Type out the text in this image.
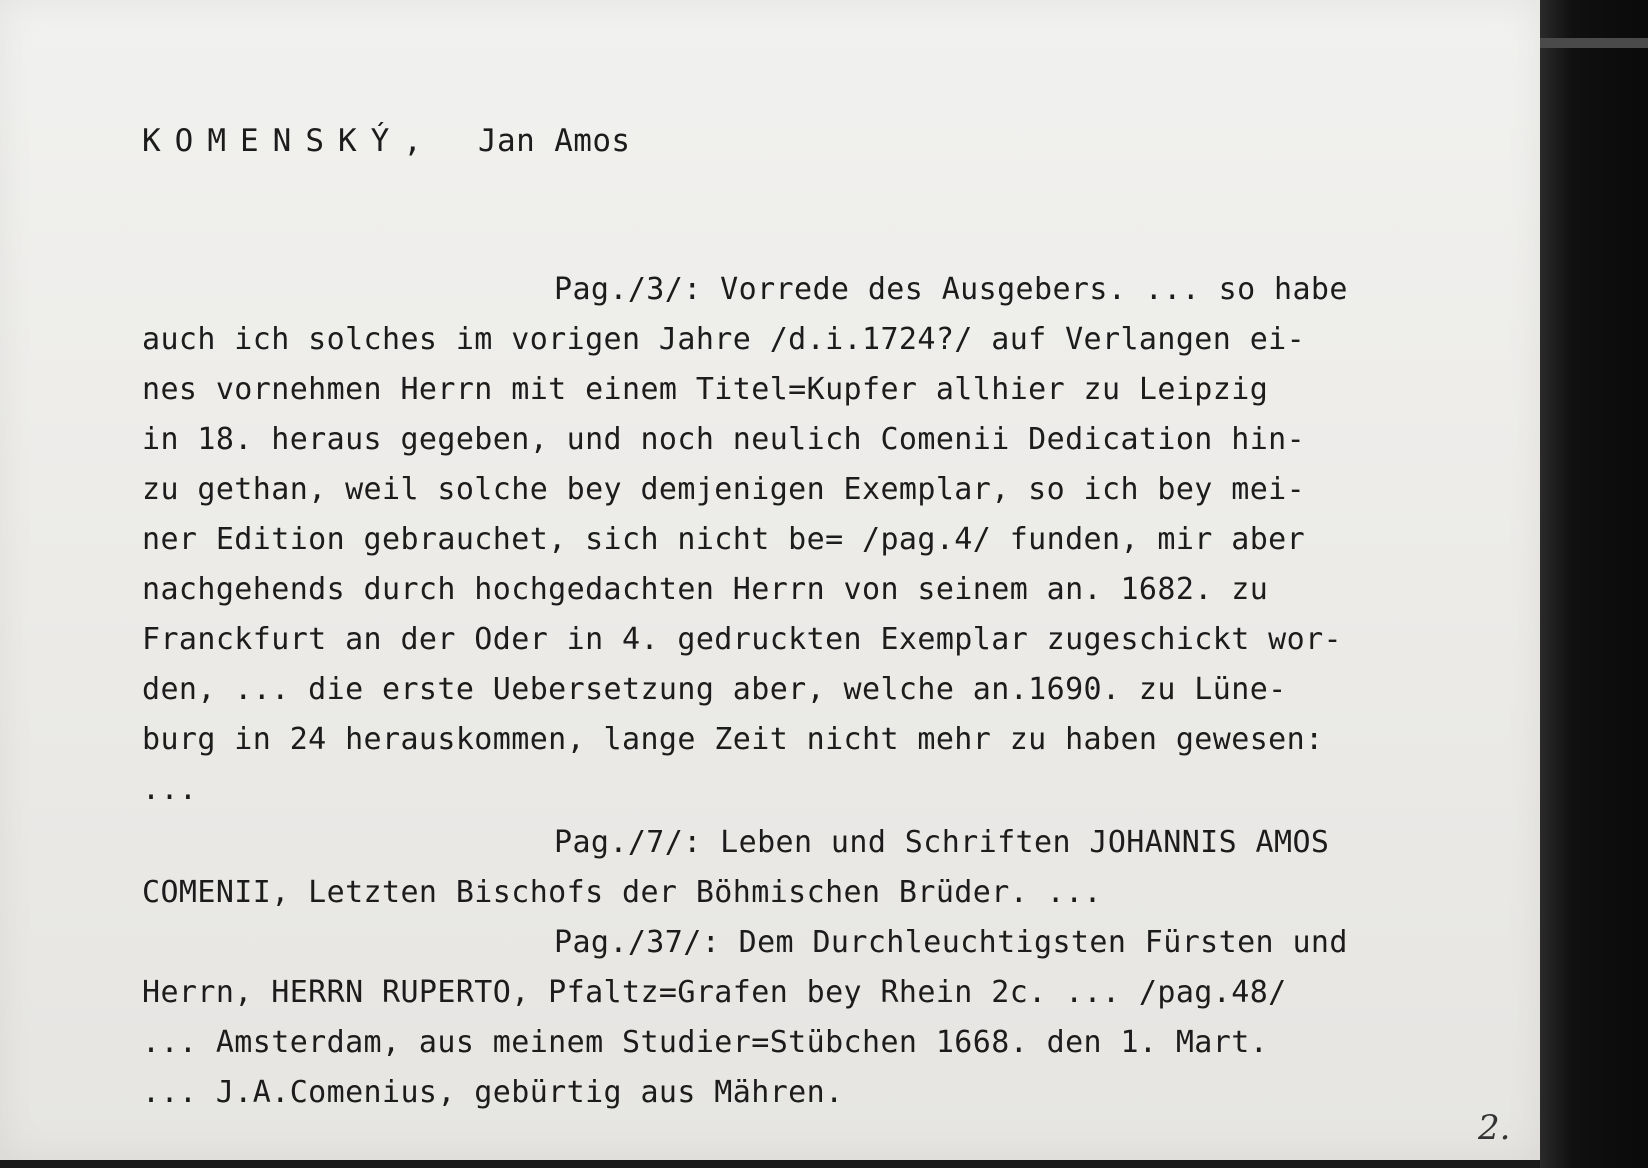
KOMENSKÝ, Jan Amos
Pag./3/: Vorrede des Ausgebers. ... so habe
auch ich solches im vorigen Jahre /d.i.1724?/ auf Verlangen ei-
nes vornehmen Herrn mit einem Titel=Kupfer allhier zu Leipzig
in 18. heraus gegeben, und noch neulich Comenii Dedication hin-
zu gethan, weil solche bey demjenigen Exemplar, so ich bey mei-
ner Edition gebrauchet, sich nicht be= /pag.4/ funden, mir aber
nachgehends durch hochgedachten Herrn von seinem an. 1682. zu
Franckfurt an der Oder in 4. gedruckten Exemplar zugeschickt wor-
den, ... die erste Uebersetzung aber, welche an.1690. zu Lüne-
burg in 24 herauskommen, lange Zeit nicht mehr zu haben gewesen:
...
Pag./7/: Leben und Schriften JOHANNIS AMOS
COMENII, Letzten Bischofs der Böhmischen Brüder. ...
Pag./37/: Dem Durchleuchtigsten Fürsten und
Herrn, HERRN RUPERTO, Pfaltz=Grafen bey Rhein 2c. ... /pag.48/
... Amsterdam, aus meinem Studier=Stübchen 1668. den 1. Mart.
... J.A.Comenius, gebürtig aus Mähren.
2.
